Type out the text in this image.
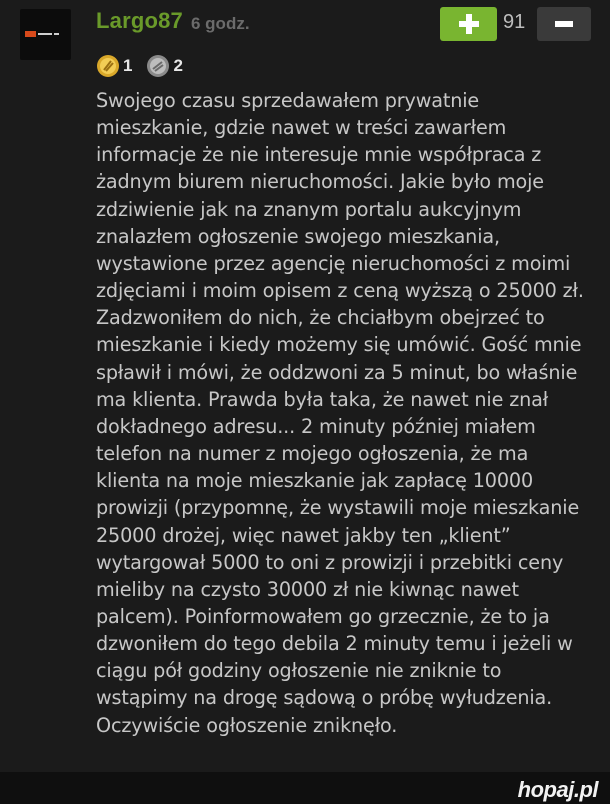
Largo87 6 godz.	91
1 2
Swojego czasu sprzedawałem prywatnie
mieszkanie, gdzie nawet w treści zawarłem
informacje że nie interesuje mnie współpraca z
żadnym biurem nieruchomości. Jakie było moje
zdziwienie jak na znanym portalu aukcyjnym
znalazłem ogłoszenie swojego mieszkania,
wystawione przez agencję nieruchomości z moimi
zdjęciami i moim opisem z ceną wyższą o 25000 zł.
Zadzwoniłem do nich, że chciałbym obejrzeć to
mieszkanie i kiedy możemy się umówić. Gość mnie
spławił i mówi, że oddzwoni za 5 minut, bo właśnie
ma klienta. Prawda była taka, że nawet nie znał
dokładnego adresu... 2 minuty później miałem
telefon na numer z mojego ogłoszenia, że ma
klienta na moje mieszkanie jak zapłacę 10000
prowizji (przypomnę, że wystawili moje mieszkanie
25000 drożej, więc nawet jakby ten „klient”
wytargował 5000 to oni z prowizji i przebitki ceny
mieliby na czysto 30000 zł nie kiwnąc nawet
palcem). Poinformowałem go grzecznie, że to ja
dzwoniłem do tego debila 2 minuty temu i jeżeli w
ciągu pół godziny ogłoszenie nie zniknie to
wstąpimy na drogę sądową o próbę wyłudzenia.
Oczywiście ogłoszenie zniknęło.
hopaj.pl
